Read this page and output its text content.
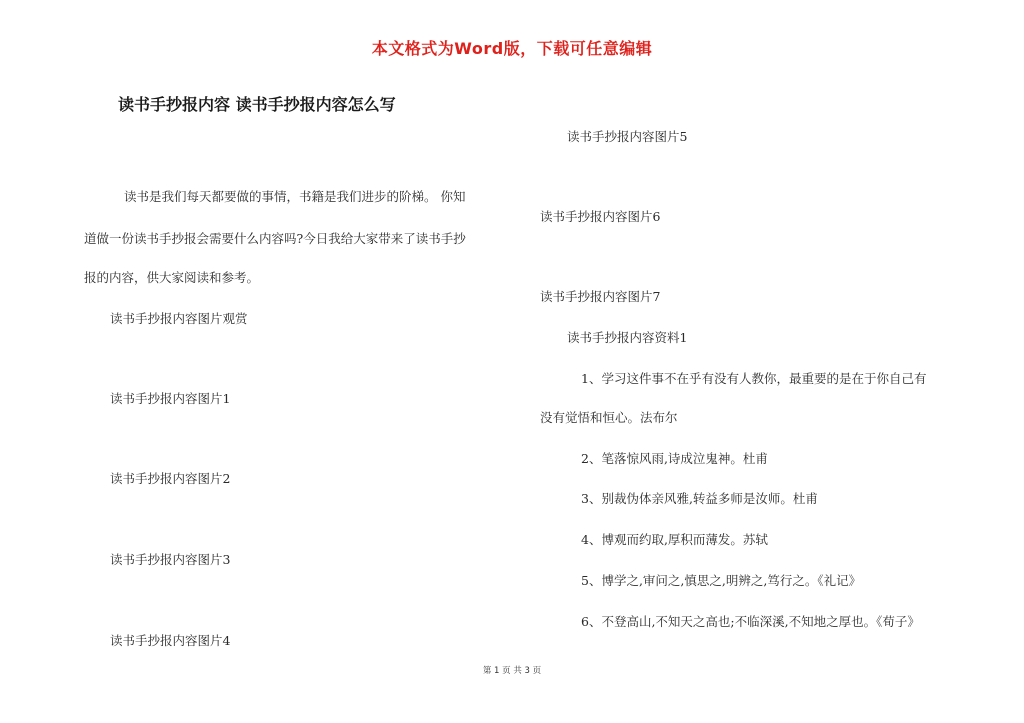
本文格式为Word版，下载可任意编辑
读书手抄报内容 读书手抄报内容怎么写
读书是我们每天都要做的事情，书籍是我们进步的阶梯。 你知
道做一份读书手抄报会需要什么内容吗?今日我给大家带来了读书手抄
报的内容，供大家阅读和参考。
读书手抄报内容图片观赏
读书手抄报内容图片1
读书手抄报内容图片2
读书手抄报内容图片3
读书手抄报内容图片4
读书手抄报内容图片5
读书手抄报内容图片6
读书手抄报内容图片7
读书手抄报内容资料1
1、学习这件事不在乎有没有人教你，最重要的是在于你自己有
没有觉悟和恒心。法布尔
2、笔落惊风雨,诗成泣鬼神。杜甫
3、别裁伪体亲风雅,转益多师是汝师。杜甫
4、博观而约取,厚积而薄发。苏轼
5、博学之,审问之,慎思之,明辨之,笃行之。《礼记》
6、不登高山,不知天之高也;不临深溪,不知地之厚也。《荀子》
第 1 页 共 3 页
